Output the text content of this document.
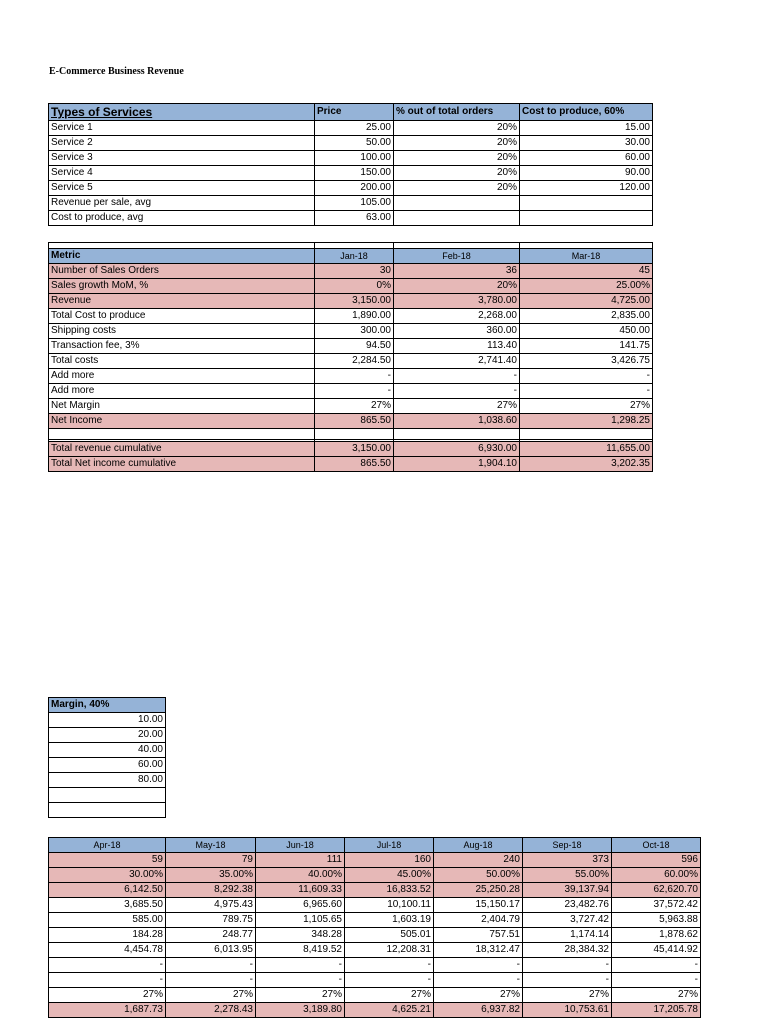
E-Commerce Business Revenue
Types of Services	Price	% out of total orders	Cost to produce, 60%
Service 1	25.00	20%	15.00
Service 2	50.00	20%	30.00
Service 3	100.00	20%	60.00
Service 4	150.00	20%	90.00
Service 5	200.00	20%	120.00
Revenue per sale, avg	105.00		
Cost to produce, avg	63.00		

Metric	Jan-18	Feb-18	Mar-18
Number of Sales Orders	30	36	45
Sales growth MoM, %	0%	20%	25.00%
Revenue	3,150.00	3,780.00	4,725.00
Total Cost to produce	1,890.00	2,268.00	2,835.00
Shipping costs	300.00	360.00	450.00
Transaction fee, 3%	94.50	113.40	141.75
Total costs	2,284.50	2,741.40	3,426.75
Add more	-	-	-
Add more	-	-	-
Net Margin	27%	27%	27%
Net Income	865.50	1,038.60	1,298.25

Total revenue cumulative	3,150.00	6,930.00	11,655.00
Total Net income cumulative	865.50	1,904.10	3,202.35
Margin, 40%
10.00
20.00
40.00
60.00
80.00

Apr-18	May-18	Jun-18	Jul-18	Aug-18	Sep-18	Oct-18
59	79	111	160	240	373	596
30.00%	35.00%	40.00%	45.00%	50.00%	55.00%	60.00%
6,142.50	8,292.38	11,609.33	16,833.52	25,250.28	39,137.94	62,620.70
3,685.50	4,975.43	6,965.60	10,100.11	15,150.17	23,482.76	37,572.42
585.00	789.75	1,105.65	1,603.19	2,404.79	3,727.42	5,963.88
184.28	248.77	348.28	505.01	757.51	1,174.14	1,878.62
4,454.78	6,013.95	8,419.52	12,208.31	18,312.47	28,384.32	45,414.92
-	-	-	-	-	-	-
-	-	-	-	-	-	-
27%	27%	27%	27%	27%	27%	27%
1,687.73	2,278.43	3,189.80	4,625.21	6,937.82	10,753.61	17,205.78
